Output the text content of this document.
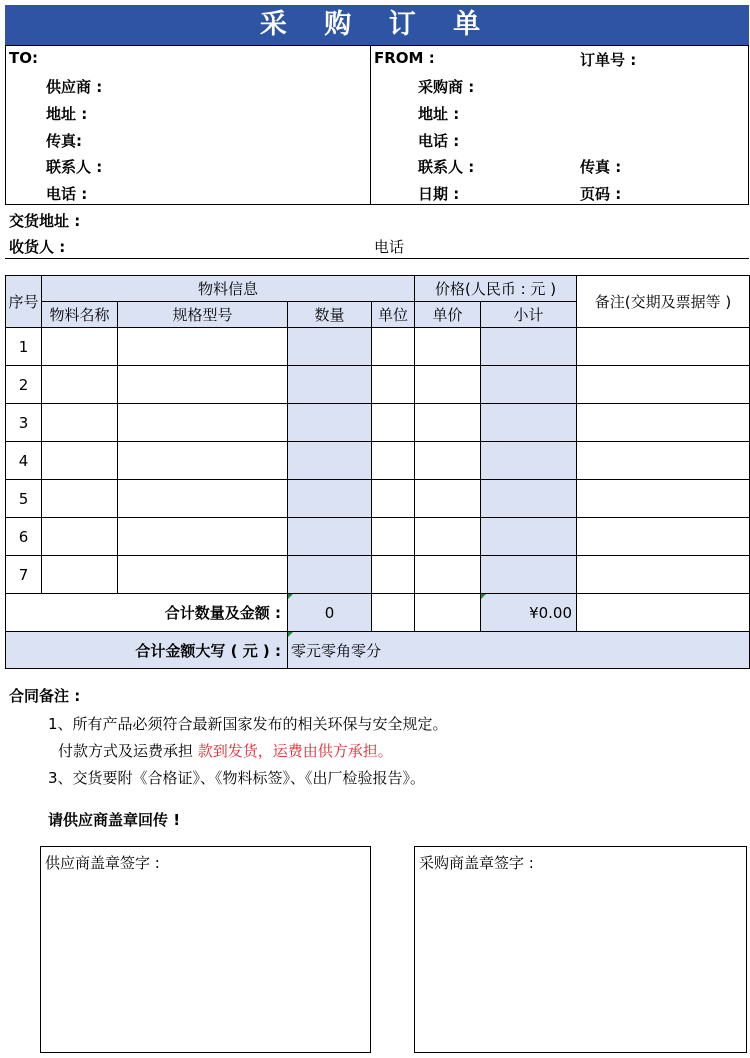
采 购 订 单
TO:	FROM :	订单号 :
供应商 :
地址 :
传真:
联系人 :
电话 :
采购商 :
地址 :
电话 :
联系人 :
日期 :
传真 :
页码 :
交货地址 :
收货人 :	电话
序号	物料信息				价格(人民币 : 元 )		备注(交期及票据等 )
	物料名称	规格型号	数量	单位	单价	小计	
1							
2							
3							
4							
5							
6							
7							
合计数量及金额 :			0			¥0.00	
合计金额大写 ( 元 ) :			零元零角零分				
合同备注 :
1、所有产品必须符合最新国家发布的相关环保与安全规定。
付款方式及运费承担 款到发货，运费由供方承担。
3、交货要附《合格证》、《物料标签》、《出厂检验报告》。
请供应商盖章回传 !
供应商盖章签字 :	采购商盖章签字 :
